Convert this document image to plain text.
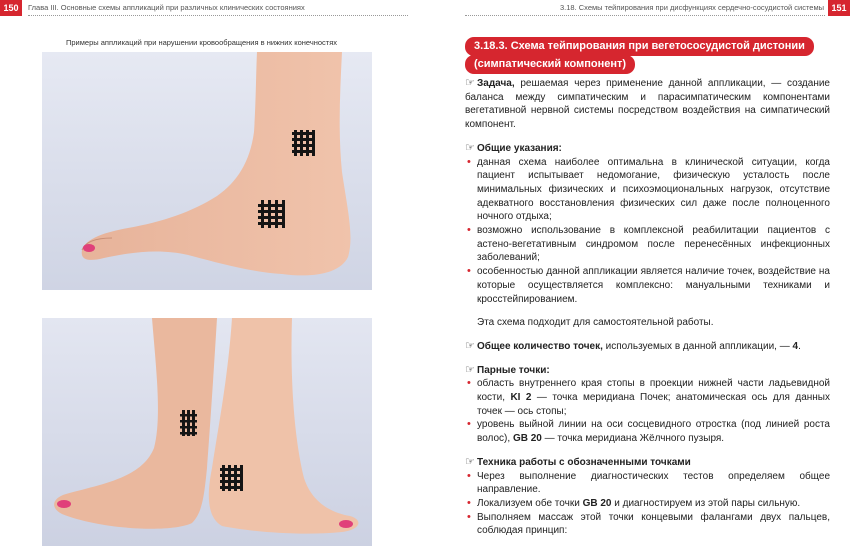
150	Глава III. Основные схемы аппликаций при различных клинических состояниях
Примеры аппликаций при нарушении кровообращения в нижних конечностях
3.18. Схемы тейпирования при дисфункциях сердечно-сосудистой системы 151
3.18.3. Схема тейпирования при вегетососудистой дистонии
(симпатический компонент)
☞ Задача, решаемая через применение данной аппликации, — создание баланса между симпатическим и парасимпатическим компонентами вегетативной нервной системы посредством воздействия на симпатический компонент.
☞ Общие указания:
• данная схема наиболее оптимальна в клинической ситуации, когда пациент испытывает недомогание, физическую усталость после минимальных физических и психоэмоциональных нагрузок, отсутствие адекватного восстановления физических сил даже после полноценного ночного отдыха;
• возможно использование в комплексной реабилитации пациентов с астено-вегетативным синдромом после перенесённых инфекционных заболеваний;
• особенностью данной аппликации является наличие точек, воздействие на которые осуществляется комплексно: мануальными техниками и кросстейпированием.
Эта схема подходит для самостоятельной работы.
☞ Общее количество точек, используемых в данной аппликации, — 4.
☞ Парные точки:
• область внутреннего края стопы в проекции нижней части ладьевидной кости, KI 2 — точка меридиана Почек; анатомическая ось для данных точек — ось стопы;
• уровень выйной линии на оси сосцевидного отростка (под линией роста волос), GB 20 — точка меридиана Жёлчного пузыря.
☞ Техника работы с обозначенными точками
• Через выполнение диагностических тестов определяем общее направление.
• Локализуем обе точки GB 20 и диагностируем из этой пары сильную.
• Выполняем массаж этой точки концевыми фалангами двух пальцев, соблюдая принцип:
